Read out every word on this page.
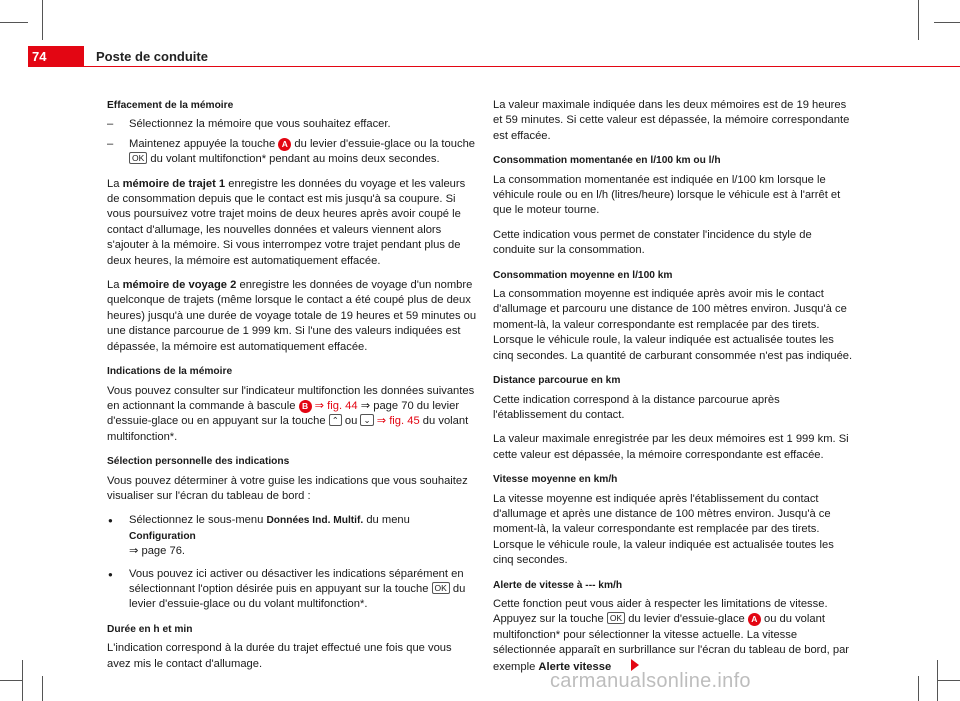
74	Poste de conduite
Effacement de la mémoire
– Sélectionnez la mémoire que vous souhaitez effacer.
– Maintenez appuyée la touche A du levier d'essuie-glace ou la touche OK du volant multifonction* pendant au moins deux secondes.
La mémoire de trajet 1 enregistre les données du voyage et les valeurs de consommation depuis que le contact est mis jusqu'à sa coupure. Si vous poursuivez votre trajet moins de deux heures après avoir coupé le contact d'allumage, les nouvelles données et valeurs viennent alors s'ajouter à la mémoire. Si vous interrompez votre trajet pendant plus de deux heures, la mémoire est automatiquement effacée.
La mémoire de voyage 2 enregistre les données de voyage d'un nombre quelconque de trajets (même lorsque le contact a été coupé plus de deux heures) jusqu'à une durée de voyage totale de 19 heures et 59 minutes ou une distance parcourue de 1 999 km. Si l'une des valeurs indiquées est dépassée, la mémoire est automatiquement effacée.
Indications de la mémoire
Vous pouvez consulter sur l'indicateur multifonction les données suivantes en actionnant la commande à bascule B ⇒ fig. 44 ⇒ page 70 du levier d'essuie-glace ou en appuyant sur la touche ⌃ ou ⌄ ⇒ fig. 45 du volant multifonction*.
Sélection personnelle des indications
Vous pouvez déterminer à votre guise les indications que vous souhaitez visualiser sur l'écran du tableau de bord :
● Sélectionnez le sous-menu Données Ind. Multif. du menu Configuration
⇒ page 76.
● Vous pouvez ici activer ou désactiver les indications séparément en sélectionnant l'option désirée puis en appuyant sur la touche OK du levier d'essuie-glace ou du volant multifonction*.
Durée en h et min
L'indication correspond à la durée du trajet effectué une fois que vous avez mis le contact d'allumage.
La valeur maximale indiquée dans les deux mémoires est de 19 heures et 59 minutes. Si cette valeur est dépassée, la mémoire correspondante est effacée.
Consommation momentanée en l/100 km ou l/h
La consommation momentanée est indiquée en l/100 km lorsque le véhicule roule ou en l/h (litres/heure) lorsque le véhicule est à l'arrêt et que le moteur tourne.
Cette indication vous permet de constater l'incidence du style de conduite sur la consommation.
Consommation moyenne en l/100 km
La consommation moyenne est indiquée après avoir mis le contact d'allumage et parcouru une distance de 100 mètres environ. Jusqu'à ce moment-là, la valeur correspondante est remplacée par des tirets. Lorsque le véhicule roule, la valeur indiquée est actualisée toutes les cinq secondes. La quantité de carburant consommée n'est pas indiquée.
Distance parcourue en km
Cette indication correspond à la distance parcourue après l'établissement du contact.
La valeur maximale enregistrée par les deux mémoires est 1 999 km. Si cette valeur est dépassée, la mémoire correspondante est effacée.
Vitesse moyenne en km/h
La vitesse moyenne est indiquée après l'établissement du contact d'allumage et après une distance de 100 mètres environ. Jusqu'à ce moment-là, la valeur correspondante est remplacée par des tirets. Lorsque le véhicule roule, la valeur indiquée est actualisée toutes les cinq secondes.
Alerte de vitesse à --- km/h
Cette fonction peut vous aider à respecter les limitations de vitesse. Appuyez sur la touche OK du levier d'essuie-glace A ou du volant multifonction* pour sélectionner la vitesse actuelle. La vitesse sélectionnée apparaît en surbrillance sur l'écran du tableau de bord, par exemple Alerte vitesse
carmanualsonline.info
